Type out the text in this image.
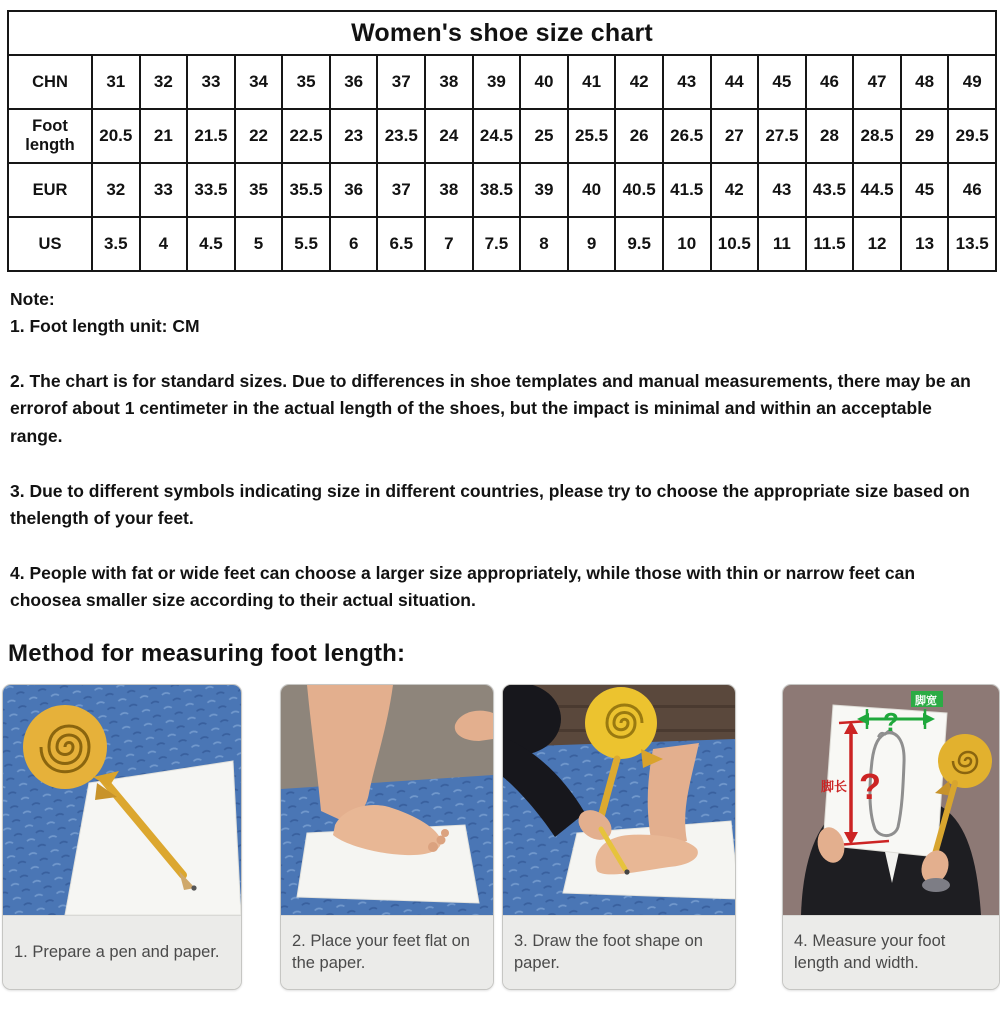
Women's shoe size chart																			
CHN	31	32	33	34	35	36	37	38	39	40	41	42	43	44	45	46	47	48	49
Foot length	20.5	21	21.5	22	22.5	23	23.5	24	24.5	25	25.5	26	26.5	27	27.5	28	28.5	29	29.5
EUR	32	33	33.5	35	35.5	36	37	38	38.5	39	40	40.5	41.5	42	43	43.5	44.5	45	46
US	3.5	4	4.5	5	5.5	6	6.5	7	7.5	8	9	9.5	10	10.5	11	11.5	12	13	13.5

Note:

1. Foot length unit: CM

2. The chart is for standard sizes. Due to differences in shoe templates and manual measurements, there may be an errorof about 1 centimeter in the actual length of the shoes, but the impact is minimal and within an acceptable range.

3. Due to different symbols indicating size in different countries, please try to choose the appropriate size based on thelength of your feet.

4. People with fat or wide feet can choose a larger size appropriately, while those with thin or narrow feet can choosea smaller size according to their actual situation.

Method for measuring foot length:
1. Prepare a pen and paper.
2. Place your feet flat on the paper.
3. Draw the foot shape on paper.
?
脚长
?
脚宽
4. Measure your foot length and width.
